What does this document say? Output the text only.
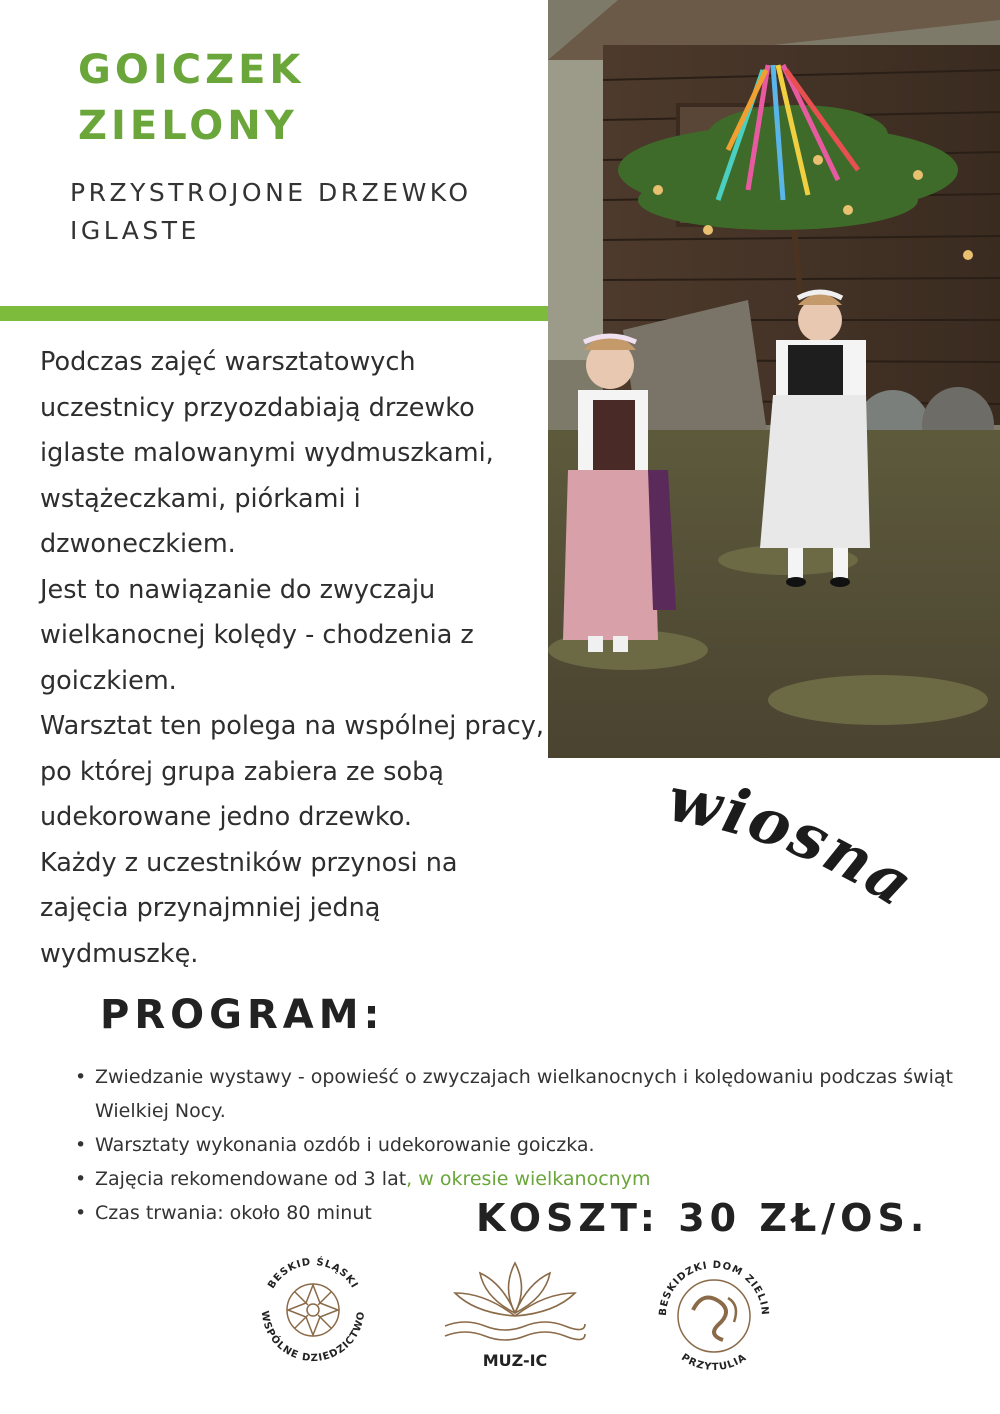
GOICZEK
ZIELONY

PRZYSTROJONE DRZEWKO IGLASTE

wiosna

Podczas zajęć warsztatowych uczestnicy przyozdabiają drzewko iglaste malowanymi wydmuszkami, wstążeczkami, piórkami i dzwoneczkiem.

Jest to nawiązanie do zwyczaju wielkanocnej kolędy - chodzenia z goiczkiem.

Warsztat ten polega na wspólnej pracy, po której grupa zabiera ze sobą udekorowane jedno drzewko.

Każdy z uczestników przynosi na zajęcia przynajmniej jedną wydmuszkę.

PROGRAM:
• Zwiedzanie wystawy - opowieść o zwyczajach wielkanocnych i kolędowaniu podczas świąt Wielkiej Nocy.
• Warsztaty wykonania ozdób i udekorowanie goiczka.
• Zajęcia rekomendowane od 3 lat, w okresie wielkanocnym
• Czas trwania: około 80 minut	KOSZT: 30 ZŁ/OS.

BESKID ŚLĄSKI
WSPÓLNE DZIEDZICTWO
MUZ-IC
BESKIDZKI DOM ZIELIN
PRZYTULIA
